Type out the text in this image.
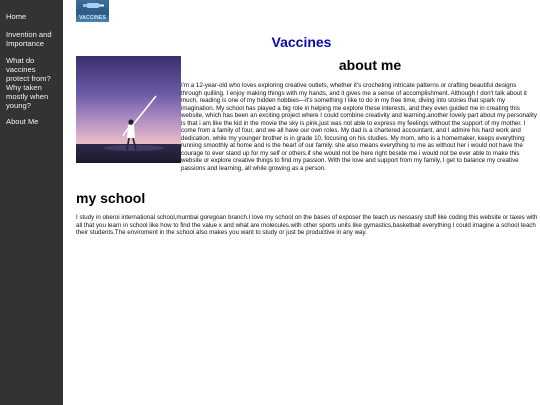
Home
Invention and Importance
What do vaccines protect from? Why taken mostly when young?
About Me
VACCINES
Vaccines
about me

I'm a 12-year-old who loves exploring creative outlets, whether it's crocheting intricate patterns or crafting beautiful designs through quilling. I enjoy making things with my hands, and it gives me a sense of accomplishment. Although I don't talk about it much, reading is one of my hidden hobbies—it's something I like to do in my free time, diving into stories that spark my imagination. My school has played a big role in helping me explore these interests, and they even guided me in creating this website, which has been an exciting project where I could combine creativity and learning.another lovely part about my personality is that i am like the kid in the movie the sky is pink,just was not able to express my feelings without the support of my mother. I come from a family of four, and we all have our own roles. My dad is a chartered accountant, and I admire his hard work and dedication, while my younger brother is in grade 10, focusing on his studies. My mom, who is a homemaker, keeps everything running smoothly at home and is the heart of our family. she also means everything to me as without her i would not have the courage to ever stand up for my self or others.if she would not be here right beside me i would not be ever able to make this website or explore creative things to find my passion. With the love and support from my family, I get to balance my creative passions and learning, all while growing as a person.

my school

I study in oberoi international school,mumbai goregoan branch.I love my school on the bases of exposer the teach us nessasry stuff like coding this website or taxes with all that you learn in school like how to find the value x and what are molecules.with other sports units like gymastics,basketball everything I could imagine a school teach their students.The enviroment in the school also makes you want to study or just be productive in any way.
